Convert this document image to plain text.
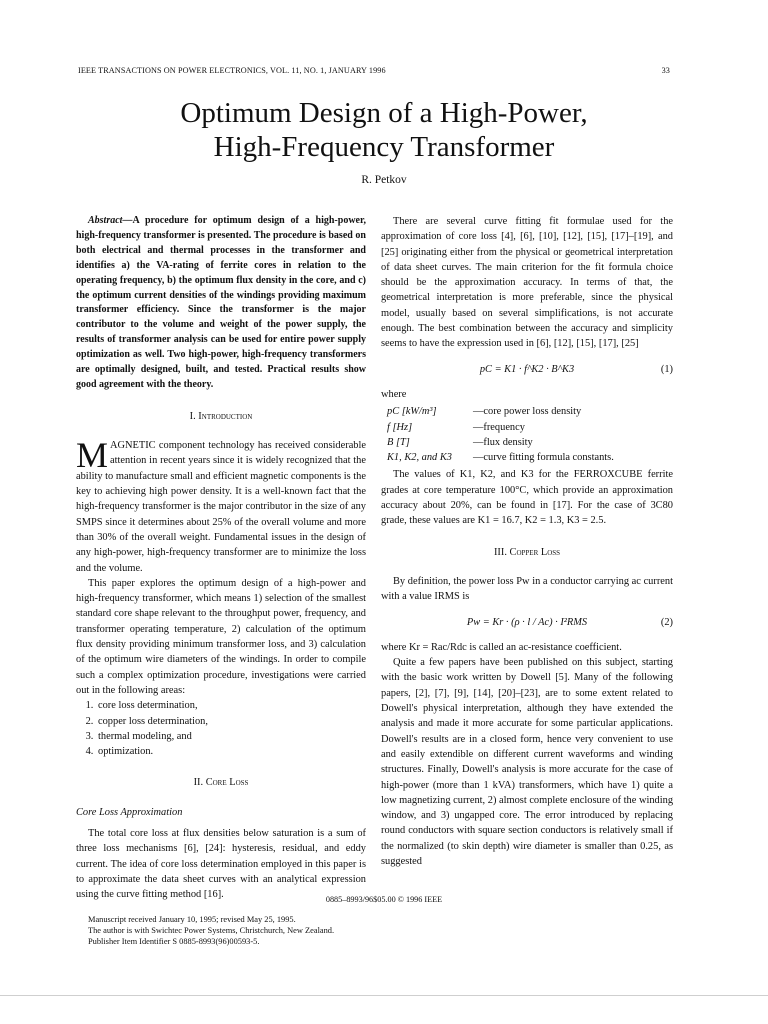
IEEE TRANSACTIONS ON POWER ELECTRONICS, VOL. 11, NO. 1, JANUARY 1996	33
Optimum Design of a High-Power,
High-Frequency Transformer
R. Petkov

Abstract—A procedure for optimum design of a high-power, high-frequency transformer is presented. The procedure is based on both electrical and thermal processes in the transformer and identifies a) the VA-rating of ferrite cores in relation to the operating frequency, b) the optimum flux density in the core, and c) the optimum current densities of the windings providing maximum transformer efficiency. Since the transformer is the major contributor to the volume and weight of the power supply, the results of transformer analysis can be used for entire power supply optimization as well. Two high-power, high-frequency transformers are optimally designed, built, and tested. Practical results show good agreement with the theory.

I. Introduction

MAGNETIC component technology has received considerable attention in recent years since it is widely recognized that the ability to manufacture small and efficient magnetic components is the key to achieving high power density. It is a well-known fact that the high-frequency transformer is the major contributor in the size of any SMPS since it determines about 25% of the overall volume and more than 30% of the overall weight. Fundamental issues in the design of any high-power, high-frequency transformer are to minimize the loss and the volume.

This paper explores the optimum design of a high-power and high-frequency transformer, which means 1) selection of the smallest standard core shape relevant to the throughput power, frequency, and transformer operating temperature, 2) calculation of the optimum flux density providing minimum transformer loss, and 3) calculation of the optimum wire diameters of the windings. In order to compile such a complex optimization procedure, investigations were carried out in the following areas:

1. core loss determination,
2. copper loss determination,
3. thermal modeling, and
4. optimization.
II. Core Loss
Core Loss Approximation

The total core loss at flux densities below saturation is a sum of three loss mechanisms [6], [24]: hysteresis, residual, and eddy current. The idea of core loss determination employed in this paper is to approximate the data sheet curves with an analytical expression using the curve fitting method [16].

Manuscript received January 10, 1995; revised May 25, 1995.
The author is with Swichtec Power Systems, Christchurch, New Zealand.
Publisher Item Identifier S 0885-8993(96)00593-5.

There are several curve fitting fit formulae used for the approximation of core loss [4], [6], [10], [12], [15], [17]–[19], and [25] originating either from the physical or geometrical interpretation of data sheet curves. The main criterion for the fit formula choice should be the approximation accuracy. In terms of that, the geometrical interpretation is more preferable, since the physical model, usually based on several simplifications, is not accurate enough. The best combination between the accuracy and simplicity seems to have the expression used in [6], [12], [15], [17], [25]

pC = K1 · f^K2 · B^K3	(1)

where

pC [kW/m³]	—core power loss density
f [Hz]	—frequency
B [T]	—flux density
K1, K2, and K3	—curve fitting formula constants.

The values of K1, K2, and K3 for the FERROXCUBE ferrite grades at core temperature 100°C, which provide an approximation accuracy about 20%, can be found in [17]. For the case of 3C80 grade, these values are K1 = 16.7, K2 = 1.3, K3 = 2.5.

III. Copper Loss

By definition, the power loss Pw in a conductor carrying ac current with a value IRMS is

Pw = Kr · (ρ · l / Ac) · I²RMS	(2)

where Kr = Rac/Rdc is called an ac-resistance coefficient.

Quite a few papers have been published on this subject, starting with the basic work written by Dowell [5]. Many of the following papers, [2], [7], [9], [14], [20]–[23], are to some extent related to Dowell's physical interpretation, although they have extended the analysis and made it more accurate for some particular applications. Dowell's results are in a closed form, hence very convenient to use and easily extendible on different current waveforms and winding structures. Finally, Dowell's analysis is more accurate for the case of high-power (more than 1 kVA) transformers, which have 1) quite a low magnetizing current, 2) almost complete enclosure of the winding window, and 3) ungapped core. The error introduced by replacing round conductors with square section conductors is relatively small if the normalized (to skin depth) wire diameter is smaller than 0.25, as suggested

0885–8993/96$05.00 © 1996 IEEE
